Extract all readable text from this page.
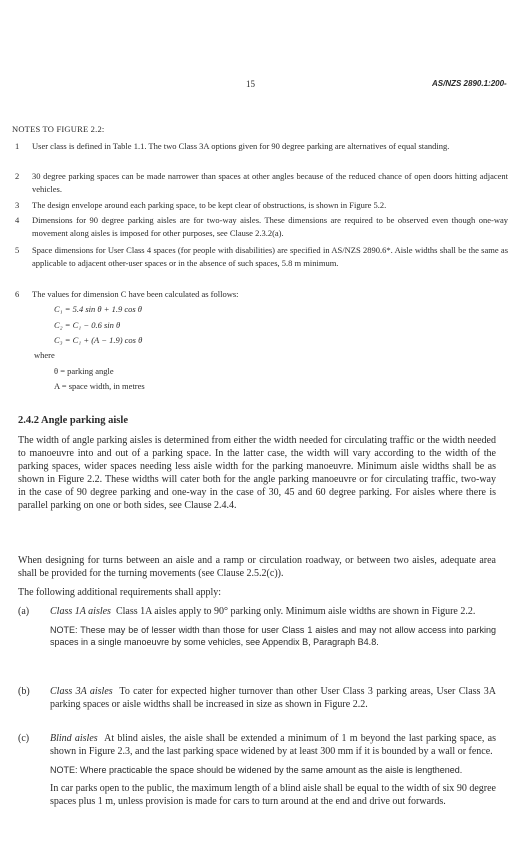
15	AS/NZS 2890.1:200-
NOTES TO FIGURE 2.2:
1 User class is defined in Table 1.1. The two Class 3A options given for 90 degree parking are alternatives of equal standing.
2 30 degree parking spaces can be made narrower than spaces at other angles because of the reduced chance of open doors hitting adjacent vehicles.
3 The design envelope around each parking space, to be kept clear of obstructions, is shown in Figure 5.2.
4 Dimensions for 90 degree parking aisles are for two-way aisles. These dimensions are required to be observed even though one-way movement along aisles is imposed for other purposes, see Clause 2.3.2(a).
5 Space dimensions for User Class 4 spaces (for people with disabilities) are specified in AS/NZS 2890.6*. Aisle widths shall be the same as applicable to adjacent other-user spaces or in the absence of such spaces, 5.8 m minimum.
6 The values for dimension C have been calculated as follows:
C₁ = 5.4 sin θ + 1.9 cos θ
C₂ = C₁ − 0.6 sin θ
C₃ = C₁ + (A − 1.9) cos θ
where
θ = parking angle
A = space width, in metres
2.4.2 Angle parking aisle
The width of angle parking aisles is determined from either the width needed for circulating traffic or the width needed to manoeuvre into and out of a parking space. In the latter case, the width will vary according to the width of the parking spaces, wider spaces needing less aisle width for the parking manoeuvre. Minimum aisle widths shall be as shown in Figure 2.2. These widths will cater both for the angle parking manoeuvre or for circulating traffic, two-way in the case of 90 degree parking and one-way in the case of 30, 45 and 60 degree parking. For aisles where there is parallel parking on one or both sides, see Clause 2.4.4.
When designing for turns between an aisle and a ramp or circulation roadway, or between two aisles, adequate area shall be provided for the turning movements (see Clause 2.5.2(c)).
The following additional requirements shall apply:
(a) Class 1A aisles Class 1A aisles apply to 90° parking only. Minimum aisle widths are shown in Figure 2.2.
NOTE: These may be of lesser width than those for user Class 1 aisles and may not allow access into parking spaces in a single manoeuvre by some vehicles, see Appendix B, Paragraph B4.8.
(b) Class 3A aisles To cater for expected higher turnover than other User Class 3 parking areas, User Class 3A parking spaces or aisle widths shall be increased in size as shown in Figure 2.2.
(c) Blind aisles At blind aisles, the aisle shall be extended a minimum of 1 m beyond the last parking space, as shown in Figure 2.3, and the last parking space widened by at least 300 mm if it is bounded by a wall or fence.
NOTE: Where practicable the space should be widened by the same amount as the aisle is lengthened.
In car parks open to the public, the maximum length of a blind aisle shall be equal to the width of six 90 degree spaces plus 1 m, unless provision is made for cars to turn around at the end and drive out forwards.
